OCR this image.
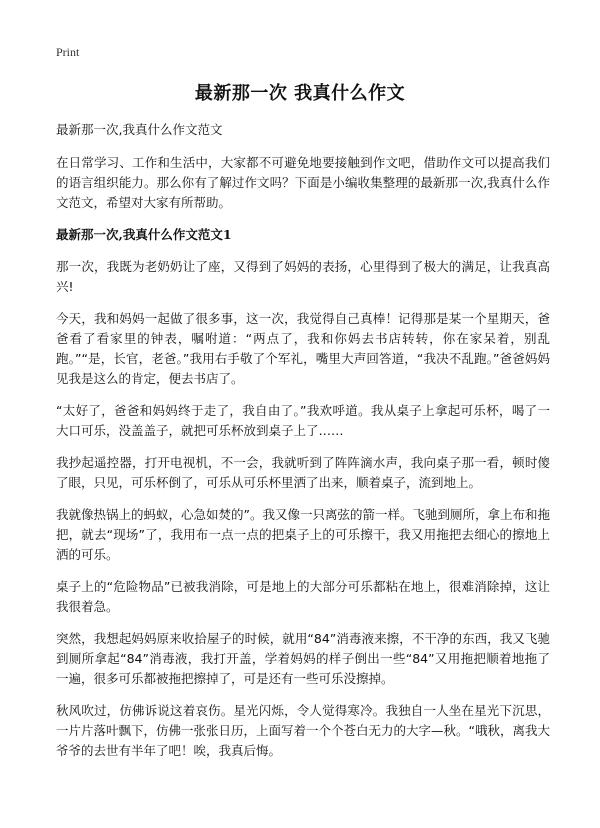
Print
最新那一次 我真什么作文

最新那一次,我真什么作文范文

在日常学习、工作和生活中，大家都不可避免地要接触到作文吧，借助作文可以提高我们的语言组织能力。那么你有了解过作文吗？下面是小编收集整理的最新那一次,我真什么作文范文，希望对大家有所帮助。

最新那一次,我真什么作文范文1

那一次，我既为老奶奶让了座，又得到了妈妈的表扬，心里得到了极大的满足，让我真高兴!

今天，我和妈妈一起做了很多事，这一次，我觉得自己真棒！记得那是某一个星期天，爸爸看了看家里的钟表，嘱咐道：“两点了，我和你妈去书店转转，你在家呆着，别乱跑。”“是，长官，老爸。”我用右手敬了个军礼，嘴里大声回答道，“我决不乱跑。”爸爸妈妈见我是这么的肯定，便去书店了。

“太好了，爸爸和妈妈终于走了，我自由了。”我欢呼道。我从桌子上拿起可乐杯，喝了一大口可乐，没盖盖子，就把可乐杯放到桌子上了……

我抄起遥控器，打开电视机，不一会，我就听到了阵阵滴水声，我向桌子那一看，顿时傻了眼，只见，可乐杯倒了，可乐从可乐杯里洒了出来，顺着桌子，流到地上。

我就像热锅上的蚂蚁，心急如焚的”。我又像一只离弦的箭一样。飞驰到厕所，拿上布和拖把，就去“现场”了，我用布一点一点的把桌子上的可乐擦干，我又用拖把去细心的擦地上洒的可乐。

桌子上的“危险物品”已被我消除，可是地上的大部分可乐都粘在地上，很难消除掉，这让我很着急。

突然，我想起妈妈原来收拾屋子的时候，就用“84”消毒液来擦，不干净的东西，我又飞驰到厕所拿起“84”消毒液，我打开盖，学着妈妈的样子倒出一些“84”又用拖把顺着地拖了一遍，很多可乐都被拖把擦掉了，可是还有一些可乐没擦掉。

秋风吹过，仿佛诉说这着哀伤。星光闪烁，令人觉得寒冷。我独自一人坐在星光下沉思，一片片落叶飘下，仿佛一张张日历，上面写着一个个苍白无力的大字—秋。“哦秋，离我大爷爷的去世有半年了吧！唉，我真后悔。
